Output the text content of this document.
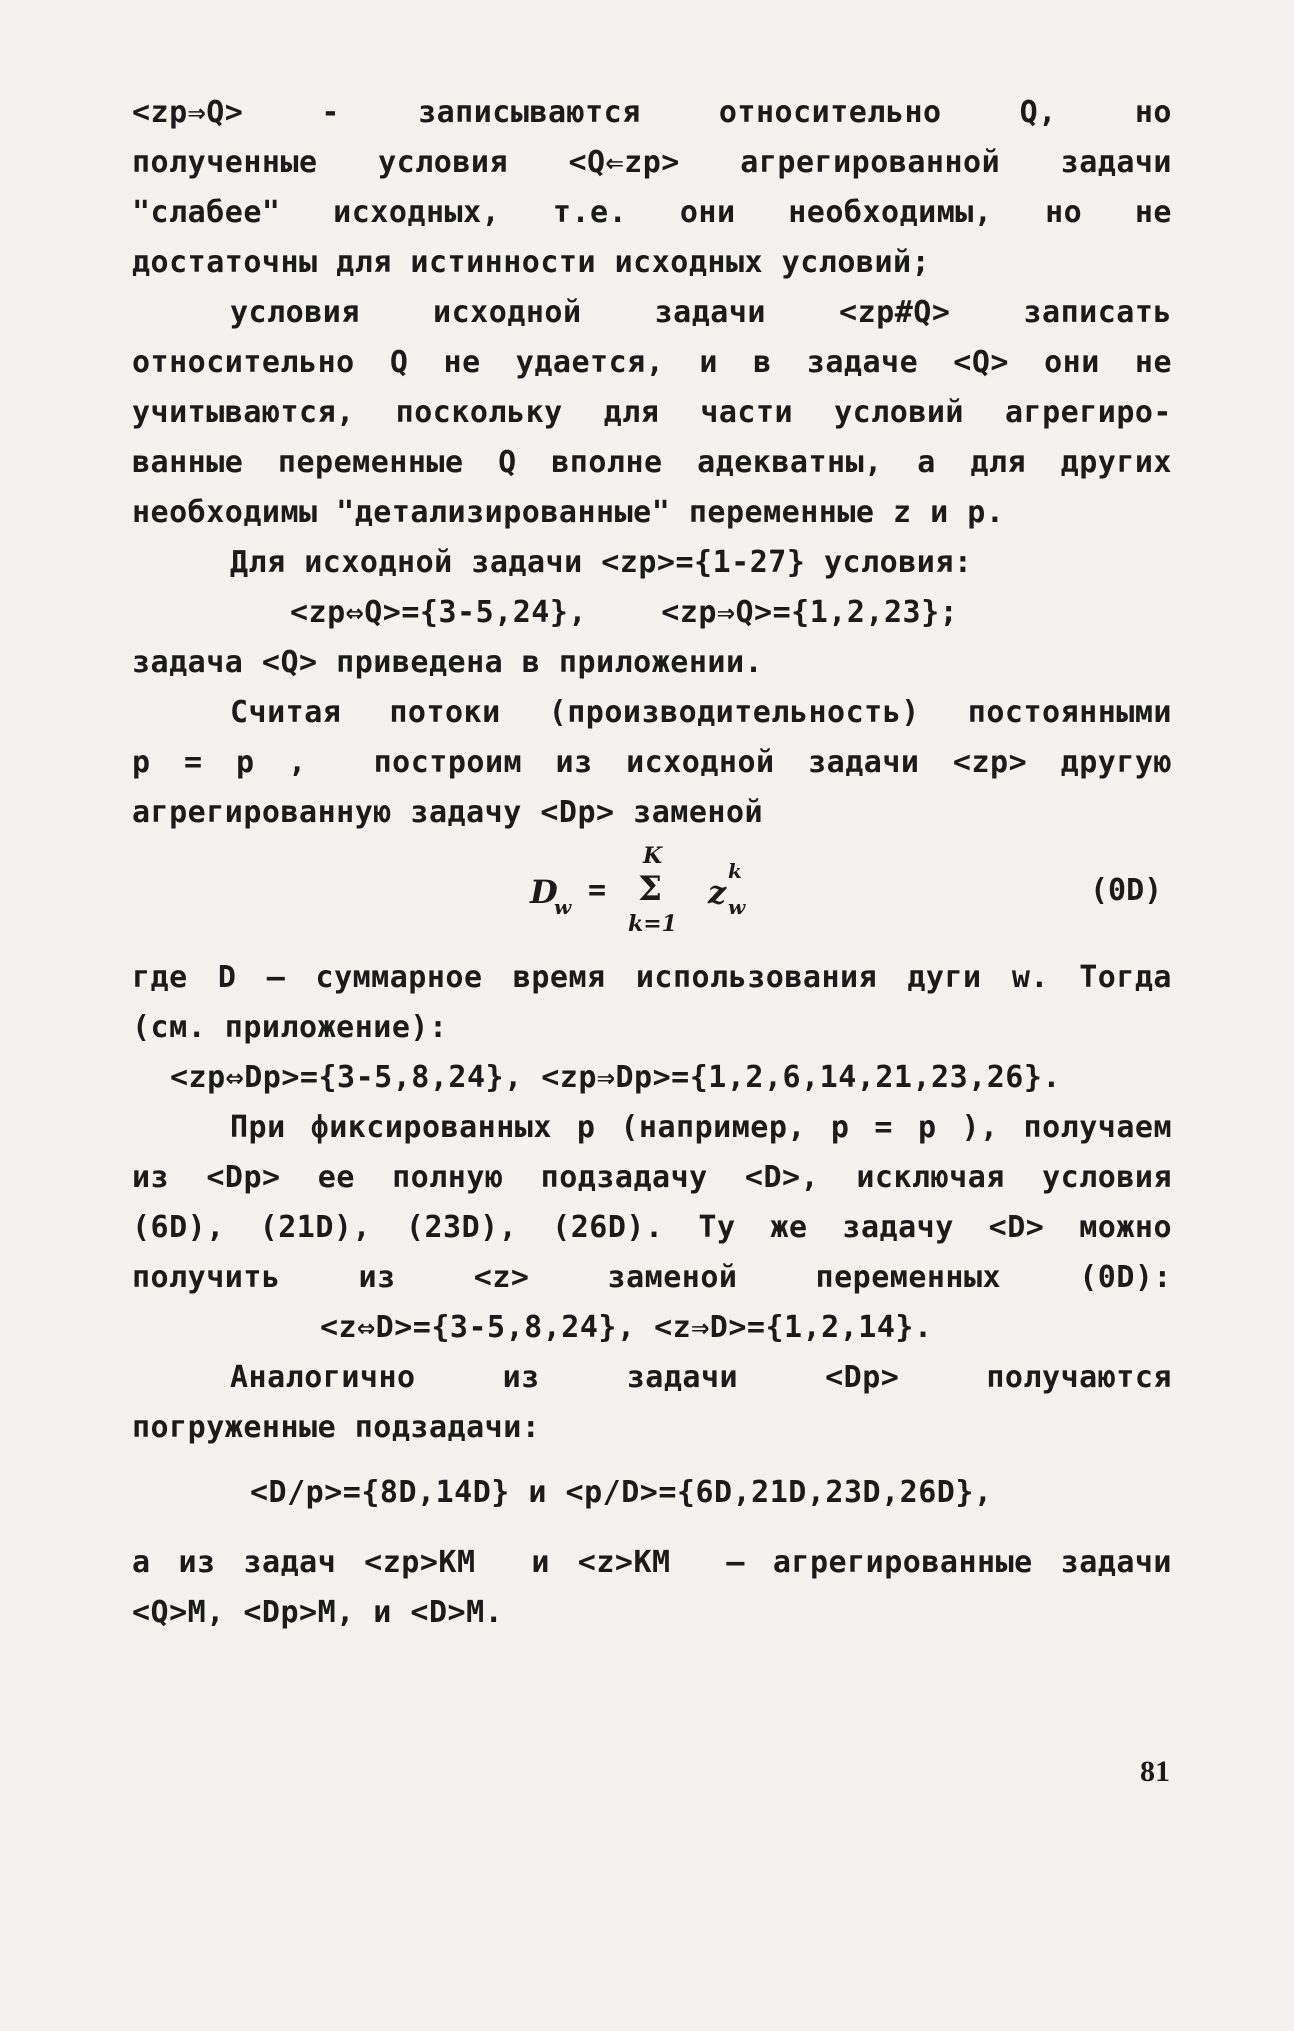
<zp⇒Q>  -  записываются  относительно  Q,  но
полученные  условия  <Q⇐zp>  агрегированной  задачи
"слабее"  исходных,  т.е.  они  необходимы,  но  не
достаточны для истинности исходных условий;
условия   исходной   задачи   <zp#Q>   записать
относительно Q не удается, и в задаче <Q> они не
учитываются, поскольку для части условий агрегиро-
ванные переменные Q вполне адекватны, а для других
необходимы "детализированные" переменные z и p.
Для исходной задачи <zp>={1-27} условия:
<zp⇔Q>={3-5,24},    <zp⇒Q>={1,2,23};
задача <Q> приведена в приложении.
Считая потоки (производительность) постоянными
p = p ,  построим из исходной задачи <zp> другую
агрегированную задачу <Dp> заменой
D
w =
K
Σ
k=1
z
k
w	(0D)
где D – суммарное время использования дуги w. Тогда
(см. приложение):
<zp⇔Dp>={3-5,8,24}, <zp⇒Dp>={1,2,6,14,21,23,26}.
При фиксированных p (например, p = p ), получаем
из <Dp> ее полную подзадачу <D>, исключая условия
(6D), (21D), (23D), (26D). Ту же задачу <D> можно
получить   из   <z>   заменой   переменных   (0D):
<z⇔D>={3-5,8,24}, <z⇒D>={1,2,14}.
Аналогично   из   задачи   <Dp>   получаются
погруженные подзадачи:
<D/p>={8D,14D} и <p/D>={6D,21D,23D,26D},
а из задач <zp>KM  и <z>KM  – агрегированные задачи
<Q>M, <Dp>M, и <D>M.
81
